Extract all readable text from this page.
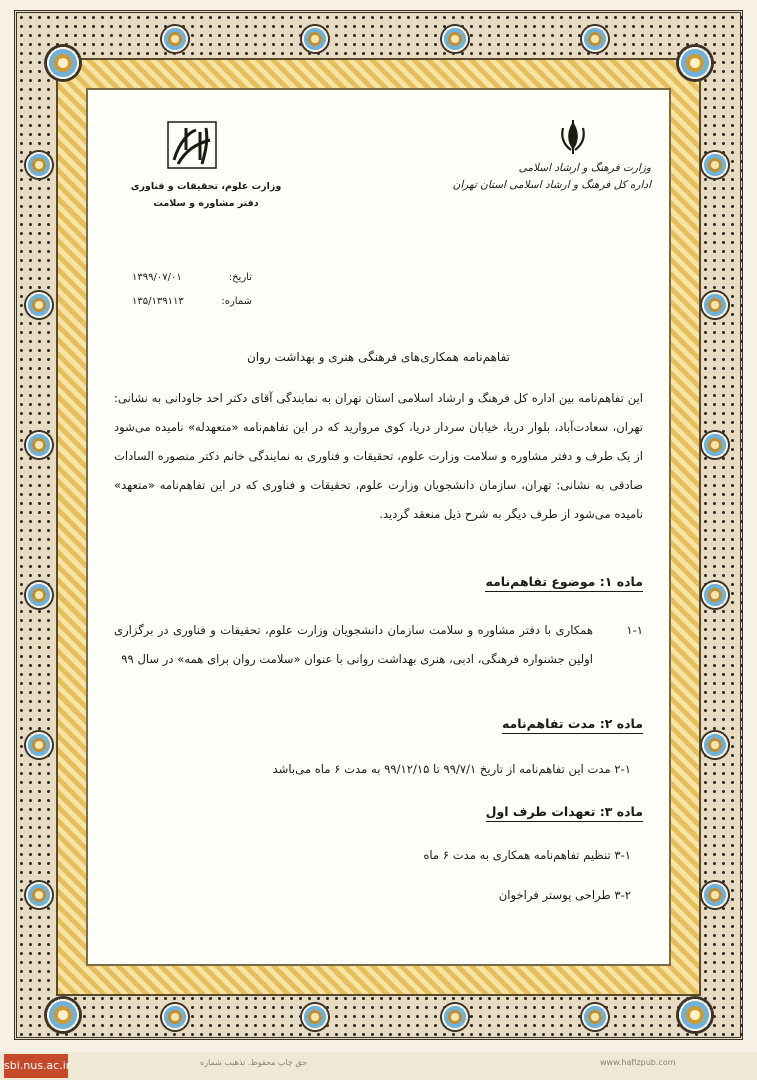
وزارت فرهنگ و ارشاد اسلامی
اداره کل فرهنگ و ارشاد اسلامی استان تهران
وزارت علوم، تحقیقات و فناوری
دفتر مشاوره و سلامت
تاریخ:
۱۳۹۹/۰۷/۰۱
شماره:
۱۳۵/۱۳۹۱۱۳
تفاهم‌نامه همکاری‌های فرهنگی هنری و بهداشت روان
این تفاهم‌نامه بین اداره کل فرهنگ و ارشاد اسلامی استان تهران به نمایندگی آقای دکتر احد جاودانی به نشانی: تهران، سعادت‌آباد، بلوار دریا، خیابان سردار دریا، کوی مروارید که در این تفاهم‌نامه «متعهدله» نامیده می‌شود از یک طرف و دفتر مشاوره و سلامت وزارت علوم، تحقیقات و فناوری به نمایندگی خانم دکتر منصوره السادات صادقی به نشانی: تهران، سازمان دانشجویان وزارت علوم، تحقیقات و فناوری که در این تفاهم‌نامه «متعهد» نامیده می‌شود از طرف دیگر به شرح ذیل منعقد گردید.
ماده ۱: موضوع تفاهم‌نامه
۱-۱
همکاری با دفتر مشاوره و سلامت سازمان دانشجویان وزارت علوم، تحقیقات و فناوری در برگزاری اولین جشنواره فرهنگی، ادبی، هنری بهداشت روانی با عنوان «سلامت روان برای همه» در سال ۹۹
ماده ۲: مدت تفاهم‌نامه
۲-۱ مدت این تفاهم‌نامه از تاریخ ۹۹/۷/۱ تا ۹۹/۱۲/۱۵ به مدت ۶ ماه می‌باشد
ماده ۳: تعهدات طرف اول
۳-۱ تنظیم تفاهم‌نامه همکاری به مدت ۶ ماه
۳-۲ طراحی پوستر فراخوان
sbi.nus.ac.ir	حق چاپ محفوظ. تذهیب شماره	www.hafizpub.com
